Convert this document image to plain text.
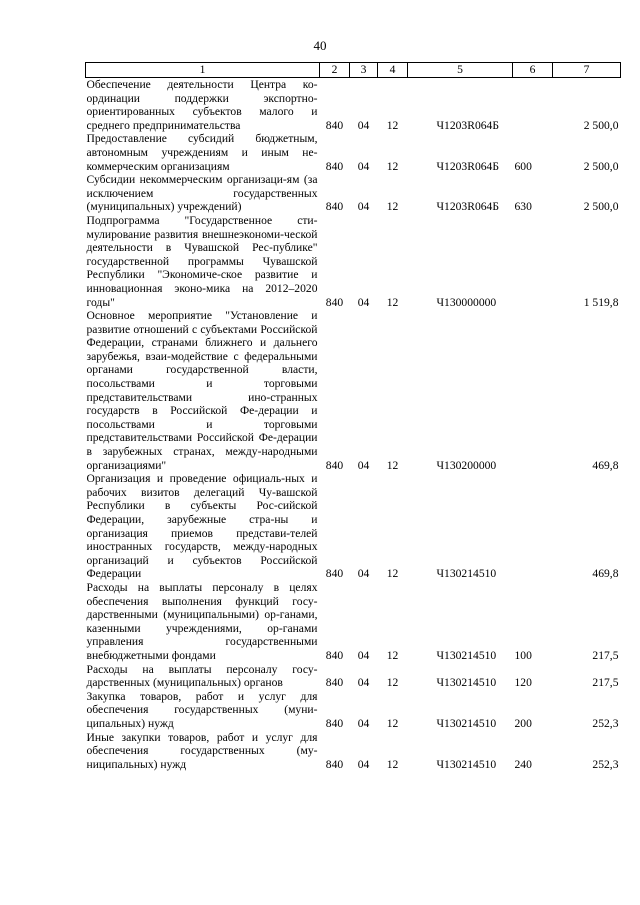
40
1	2	3	4	5	6	7
Обеспечение деятельности Центра ко-ординации поддержки экспортно-ориентированных субъектов малого и среднего предпринимательства	840	04	12	Ч1203R064Б		2 500,0
Предоставление субсидий бюджетным, автономным учреждениям и иным не-коммерческим организациям	840	04	12	Ч1203R064Б	600	2 500,0
Субсидии некоммерческим организаци-ям (за исключением государственных (муниципальных) учреждений)	840	04	12	Ч1203R064Б	630	2 500,0
Подпрограмма "Государственное сти-мулирование развития внешнеэкономи-ческой деятельности в Чувашской Рес-публике" государственной программы Чувашской Республики "Экономиче-ское развитие и инновационная эконо-мика на 2012–2020 годы"	840	04	12	Ч130000000		1 519,8
Основное мероприятие "Установление и развитие отношений с субъектами Российской Федерации, странами ближнего и дальнего зарубежья, взаи-модействие с федеральными органами государственной власти, посольствами и торговыми представительствами ино-странных государств в Российской Фе-дерации и посольствами и торговыми представительствами Российской Фе-дерации в зарубежных странах, между-народными организациями"	840	04	12	Ч130200000		469,8
Организация и проведение официаль-ных и рабочих визитов делегаций Чу-вашской Республики в субъекты Рос-сийской Федерации, зарубежные стра-ны и организация приемов представи-телей иностранных государств, между-народных организаций и субъектов Российской Федерации	840	04	12	Ч130214510		469,8
Расходы на выплаты персоналу в целях обеспечения выполнения функций госу-дарственными (муниципальными) ор-ганами, казенными учреждениями, ор-ганами управления государственными внебюджетными фондами	840	04	12	Ч130214510	100	217,5
Расходы на выплаты персоналу госу-дарственных (муниципальных) органов	840	04	12	Ч130214510	120	217,5
Закупка товаров, работ и услуг для обеспечения государственных (муни-ципальных) нужд	840	04	12	Ч130214510	200	252,3
Иные закупки товаров, работ и услуг для обеспечения государственных (му-ниципальных) нужд	840	04	12	Ч130214510	240	252,3
